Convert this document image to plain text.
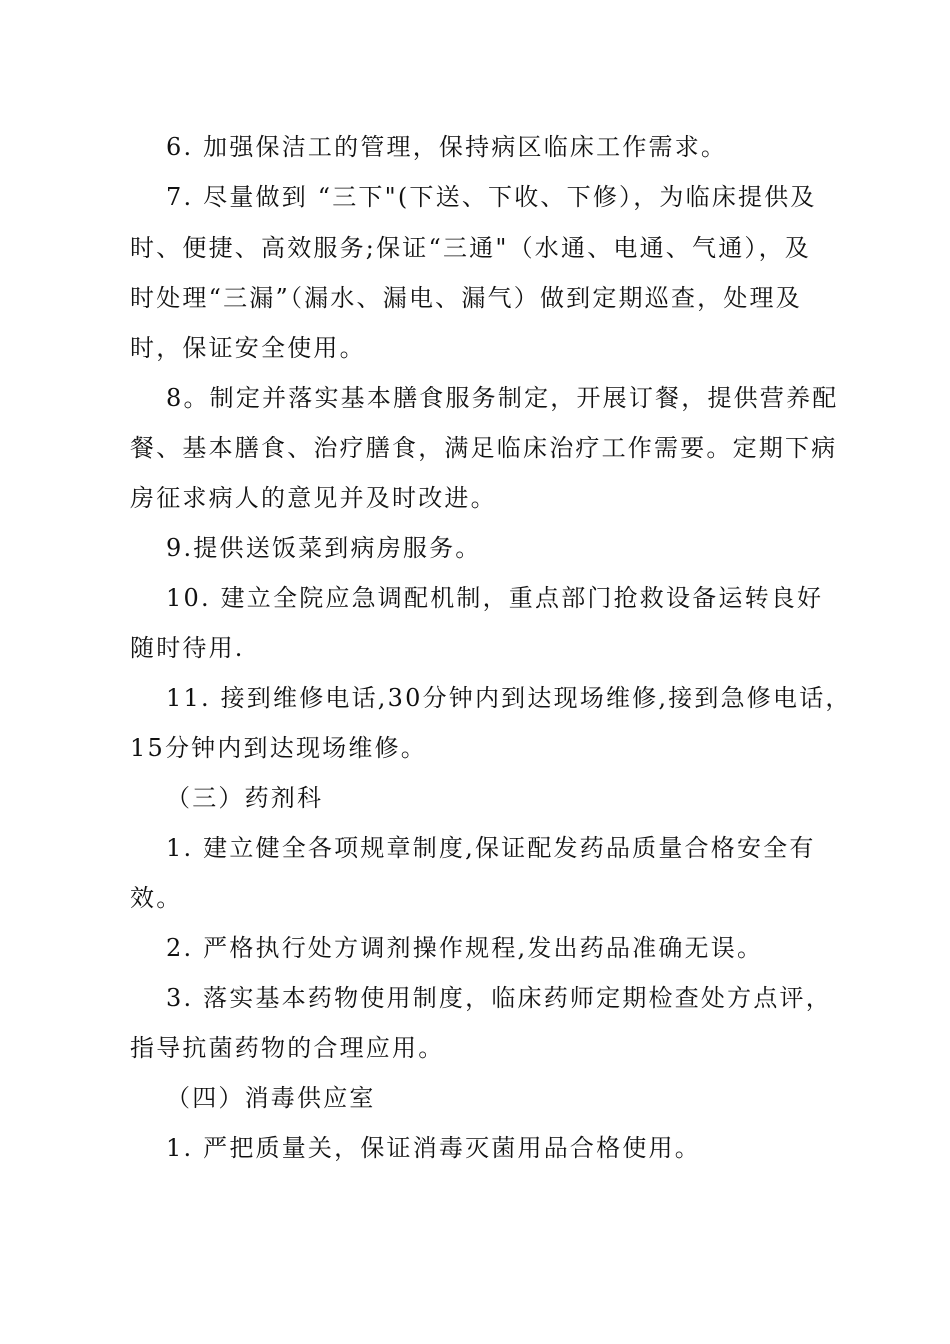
6. 加强保洁工的管理，保持病区临床工作需求。
7. 尽量做到 “三下"(下送、下收、下修），为临床提供及
时、便捷、高效服务;保证“三通"（水通、电通、气通），及
时处理“三漏”（漏水、漏电、漏气）做到定期巡查，处理及
时，保证安全使用。
8。制定并落实基本膳食服务制定，开展订餐，提供营养配
餐、基本膳食、治疗膳食，满足临床治疗工作需要。定期下病
房征求病人的意见并及时改进。
9.提供送饭菜到病房服务。
10. 建立全院应急调配机制，重点部门抢救设备运转良好
随时待用.
11. 接到维修电话,30分钟内到达现场维修,接到急修电话，
15分钟内到达现场维修。
（三）药剂科
1. 建立健全各项规章制度,保证配发药品质量合格安全有
效。
2. 严格执行处方调剂操作规程,发出药品准确无误。
3. 落实基本药物使用制度，临床药师定期检查处方点评，
指导抗菌药物的合理应用。
（四）消毒供应室
1. 严把质量关，保证消毒灭菌用品合格使用。
